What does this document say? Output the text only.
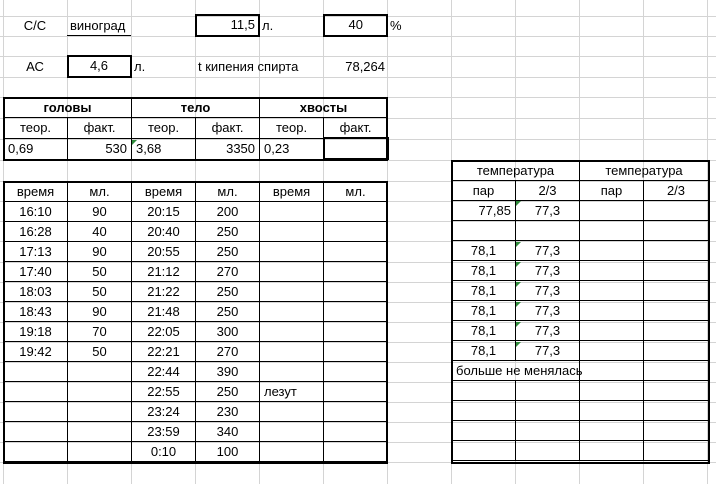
С/С	виноград	11,5 л.	40 %
АС	4,6	л.	t кипения спирта	78,264
головы		тело		хвосты	
теор.	факт.	теор.	факт.	теор.	факт.
0,69	530	3,68	3350	0,23	
время	мл.	время	мл.	время	мл.
16:10	90	20:15	200		
16:28	40	20:40	250		
17:13	90	20:55	250		
17:40	50	21:12	270		
18:03	50	21:22	250		
18:43	90	21:48	250		
19:18	70	22:05	300		
19:42	50	22:21	270		
		22:44	390		
		22:55	250	лезут	
		23:24	230		
		23:59	340		
		0:10	100		
температура		температура	
пар	2/3	пар	2/3
77,85	77,3		

78,1	77,3		
78,1	77,3		
78,1	77,3		
78,1	77,3		
78,1	77,3		
78,1	77,3		
больше не менялась			
